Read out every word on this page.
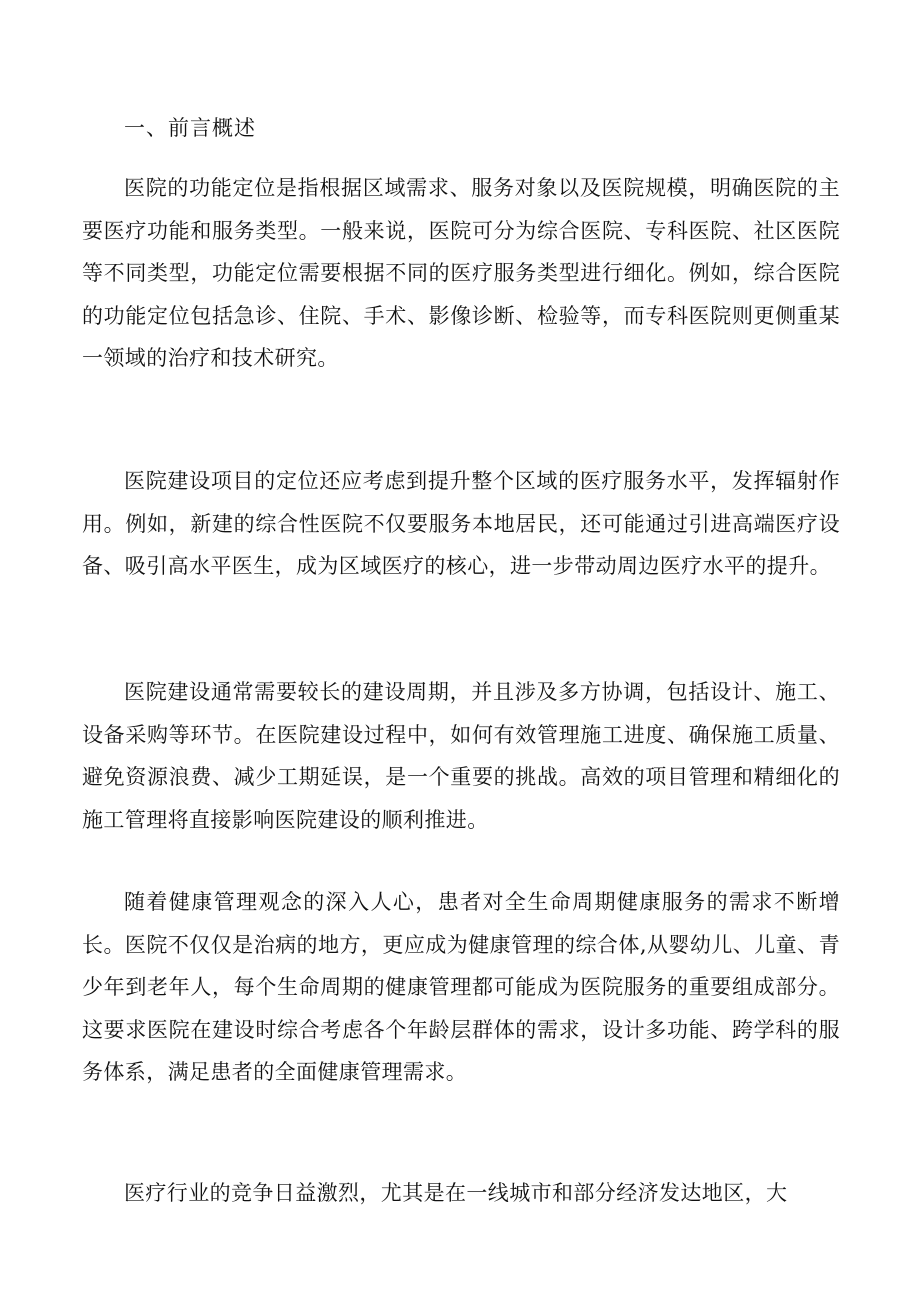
一、前言概述

医院的功能定位是指根据区域需求、服务对象以及医院规模，明确医院的主要医疗功能和服务类型。一般来说，医院可分为综合医院、专科医院、社区医院等不同类型，功能定位需要根据不同的医疗服务类型进行细化。例如，综合医院的功能定位包括急诊、住院、手术、影像诊断、检验等，而专科医院则更侧重某一领域的治疗和技术研究。

医院建设项目的定位还应考虑到提升整个区域的医疗服务水平，发挥辐射作用。例如，新建的综合性医院不仅要服务本地居民，还可能通过引进高端医疗设备、吸引高水平医生，成为区域医疗的核心，进一步带动周边医疗水平的提升。

医院建设通常需要较长的建设周期，并且涉及多方协调，包括设计、施工、设备采购等环节。在医院建设过程中，如何有效管理施工进度、确保施工质量、避免资源浪费、减少工期延误，是一个重要的挑战。高效的项目管理和精细化的施工管理将直接影响医院建设的顺利推进。

随着健康管理观念的深入人心，患者对全生命周期健康服务的需求不断增长。医院不仅仅是治病的地方，更应成为健康管理的综合体,从婴幼儿、儿童、青少年到老年人，每个生命周期的健康管理都可能成为医院服务的重要组成部分。这要求医院在建设时综合考虑各个年龄层群体的需求，设计多功能、跨学科的服务体系，满足患者的全面健康管理需求。

医疗行业的竞争日益激烈，尤其是在一线城市和部分经济发达地区，大
